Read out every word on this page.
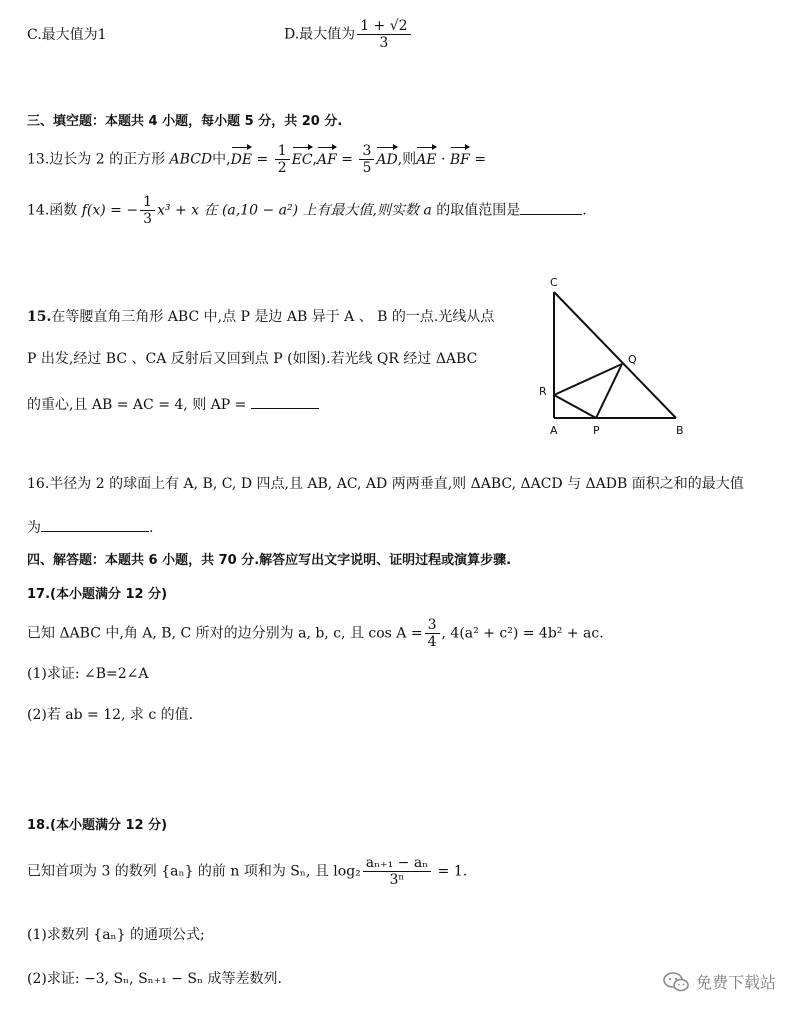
C.最大值为1	D.最大值为 $\frac{1 + √2}{3}$
三、填空题：本题共 4 小题，每小题 5 分，共 20 分.
13.边长为 2 的正方形 ABCD中$,DE = \frac{1}{2} EC,AF = \frac{3}{5}$ AD,则AE · BF =
14.函数 f(x) = − $\frac{1}{3} x^3 + x$ 在 (a,10 − a²) 上有最大值,则实数 a 的取值范围是	.
15.在等腰直角三角形 ABC 中,点 P 是边 AB 异于 A 、 B 的一点.光线从点
P 出发,经过 BC 、CA 反射后又回到点 P (如图).若光线 QR 经过 ΔABC
的重心,且 AB = AC = 4, 则 AP =
C
Q
R
A	P	B
16.半径为 2 的球面上有 A, B, C, D 四点,且 AB, AC, AD 两两垂直,则 ΔABC, ΔACD 与 ΔADB 面积之和的最大值
为	.
四、解答题：本题共 6 小题，共 70 分.解答应写出文字说明、证明过程或演算步骤.
17.(本小题满分 12 分)
已知 ΔABC 中,角 A, B, C 所对的边分别为 a, b, c, 且 $\cos A = \frac{3}{4}$ , 4(a² + c²) = 4b² + ac.
(1)求证: ∠B=2∠A
(2)若 ab = 12, 求 c 的值.
18.(本小题满分 12 分)
已知首项为 3 的数列 {aₙ} 的前 n 项和为 Sₙ, 且 $\log_2 \frac{\text{aₙ₊₁ − aₙ}}{\text{3ⁿ}} = 1$.
(1)求数列 {aₙ} 的通项公式;
(2)求证: −3, Sₙ, Sₙ₊₁ − Sₙ 成等差数列.	免费下载站
